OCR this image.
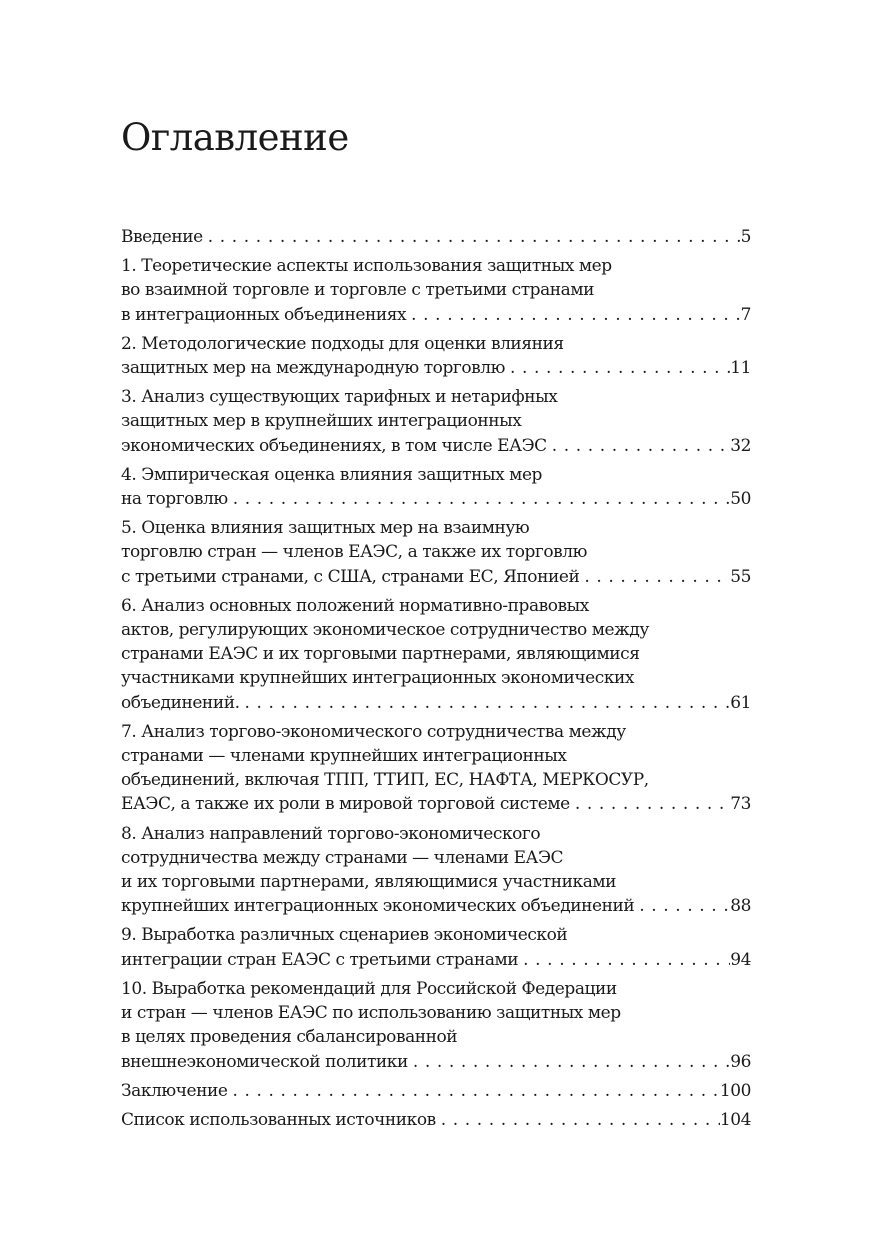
Оглавление
Введение . . .	5
1. Теоретические аспекты использования защитных мер
во взаимной торговле и торговле с третьими странами
в интеграционных объединениях . . .	7
2. Методологические подходы для оценки влияния
защитных мер на международную торговлю . . .	11
3. Анализ существующих тарифных и нетарифных
защитных мер в крупнейших интеграционных
экономических объединениях, в том числе ЕАЭС . . .	32
4. Эмпирическая оценка влияния защитных мер
на торговлю . . .	50
5. Оценка влияния защитных мер на взаимную
торговлю стран — членов ЕАЭС, а также их торговлю
с третьими странами, с США, странами ЕС, Японией . . .	55
6. Анализ основных положений нормативно-правовых
актов, регулирующих экономическое сотрудничество между
странами ЕАЭС и их торговыми партнерами, являющимися
участниками крупнейших интеграционных экономических
объединений. . . .	61
7. Анализ торгово-экономического сотрудничества между
странами — членами крупнейших интеграционных
объединений, включая ТПП, ТТИП, ЕС, НАФТА, МЕРКОСУР,
ЕАЭС, а также их роли в мировой торговой системе . . .	73
8. Анализ направлений торгово-экономического
сотрудничества между странами — членами ЕАЭС
и их торговыми партнерами, являющимися участниками
крупнейших интеграционных экономических объединений . . .	88
9. Выработка различных сценариев экономической
интеграции стран ЕАЭС с третьими странами . . .	94
10. Выработка рекомендаций для Российской Федерации
и стран — членов ЕАЭС по использованию защитных мер
в целях проведения сбалансированной
внешнеэкономической политики . . .	96
Заключение . . .	100
Список использованных источников . . .	104
